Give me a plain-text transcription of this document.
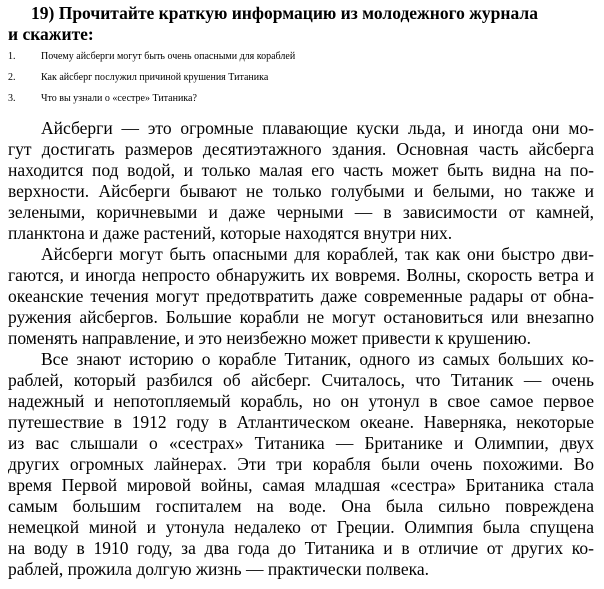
19) Прочитайте краткую информацию из молодежного журнала
и скажите:
1.	Почему айсберги могут быть очень опасными для кораблей
2.	Как айсберг послужил причиной крушения Титаника
3.	Что вы узнали о «сестре» Титаника?
Айсберги — это огромные плавающие куски льда, и иногда они мо-
гут достигать размеров десятиэтажного здания. Основная часть айсберга
находится под водой, и только малая его часть может быть видна на по-
верхности. Айсберги бывают не только голубыми и белыми, но также и
зелеными, коричневыми и даже черными — в зависимости от камней,
планктона и даже растений, которые находятся внутри них.
Айсберги могут быть опасными для кораблей, так как они быстро дви-
гаются, и иногда непросто обнаружить их вовремя. Волны, скорость ветра и
океанские течения могут предотвратить даже современные радары от обна-
ружения айсбергов. Большие корабли не могут остановиться или внезапно
поменять направление, и это неизбежно может привести к крушению.
Все знают историю о корабле Титаник, одного из самых больших ко-
раблей, который разбился об айсберг. Считалось, что Титаник — очень
надежный и непотопляемый корабль, но он утонул в свое самое первое
путешествие в 1912 году в Атлантическом океане. Наверняка, некоторые
из вас слышали о «сестрах» Титаника — Британике и Олимпии, двух
других огромных лайнерах. Эти три корабля были очень похожими. Во
время Первой мировой войны, самая младшая «сестра» Британика стала
самым большим госпиталем на воде. Она была сильно повреждена
немецкой миной и утонула недалеко от Греции. Олимпия была спущена
на воду в 1910 году, за два года до Титаника и в отличие от других ко-
раблей, прожила долгую жизнь — практически полвека.
